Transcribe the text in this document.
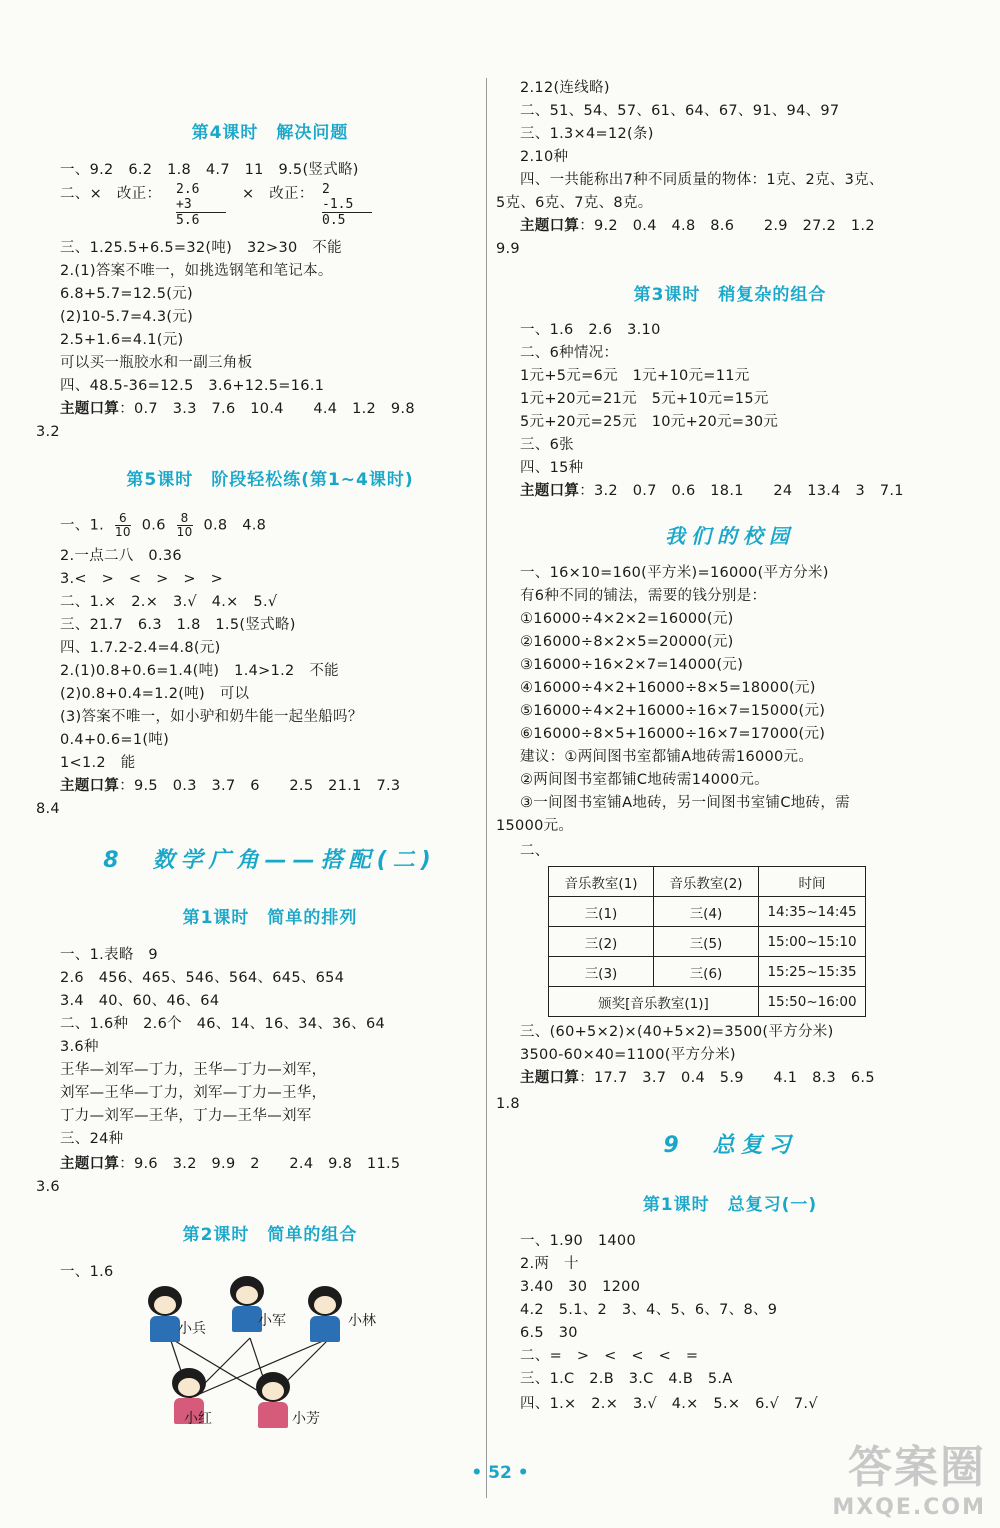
第4课时　解决问题
一、9.2　6.2　1.8　4.7　11　9.5(竖式略)
二、×　改正： 2.6
+3
5.6
×　改正： 2
-1.5
0.5
三、1.25.5+6.5=32(吨)　32>30　不能
2.(1)答案不唯一，如挑选钢笔和笔记本。
6.8+5.7=12.5(元)
(2)10-5.7=4.3(元)
2.5+1.6=4.1(元)
可以买一瓶胶水和一副三角板
四、48.5-36=12.5　3.6+12.5=16.1
主题口算：0.7　3.3　7.6　10.4　　4.4　1.2　9.8
3.2
第5课时　阶段轻松练(第1~4课时)
一、1. $\frac{6}{10} 0.6 \frac{8}{10} 0.8$　4.8
2.一点二八　0.36
3.<　>　<　>　>　>
二、1.×　2.×　3.√　4.×　5.√
三、21.7　6.3　1.8　1.5(竖式略)
四、1.7.2-2.4=4.8(元)
2.(1)0.8+0.6=1.4(吨)　1.4>1.2　不能
(2)0.8+0.4=1.2(吨)　可以
(3)答案不唯一，如小驴和奶牛能一起坐船吗？
0.4+0.6=1(吨)
1<1.2　能
主题口算：9.5　0.3　3.7　6　　2.5　21.1　7.3
8.4
8　数学广角——搭配(二)
第1课时　简单的排列
一、1.表略　9
2.6　456、465、546、564、645、654
3.4　40、60、46、64
二、1.6种　2.6个　46、14、16、34、36、64
3.6种
王华—刘军—丁力，王华—丁力—刘军，
刘军—王华—丁力，刘军—丁力—王华，
丁力—刘军—王华，丁力—王华—刘军
三、24种
主题口算：9.6　3.2　9.9　2　　2.4　9.8　11.5
3.6
第2课时　简单的组合
一、1.6
小兵	小军	小林
小红	小芳
2.12(连线略)
二、51、54、57、61、64、67、91、94、97
三、1.3×4=12(条)
2.10种
四、一共能称出7种不同质量的物体：1克、2克、3克、
5克、6克、7克、8克。
主题口算：9.2　0.4　4.8　8.6　　2.9　27.2　1.2
9.9
第3课时　稍复杂的组合
一、1.6　2.6　3.10
二、6种情况：
1元+5元=6元　1元+10元=11元
1元+20元=21元　5元+10元=15元
5元+20元=25元　10元+20元=30元
三、6张
四、15种
主题口算：3.2　0.7　0.6　18.1　　24　13.4　3　7.1
我们的校园
一、16×10=160(平方米)=16000(平方分米)
有6种不同的铺法，需要的钱分别是：
①16000÷4×2×2=16000(元)
②16000÷8×2×5=20000(元)
③16000÷16×2×7=14000(元)
④16000÷4×2+16000÷8×5=18000(元)
⑤16000÷4×2+16000÷16×7=15000(元)
⑥16000÷8×5+16000÷16×7=17000(元)
建议：①两间图书室都铺A地砖需16000元。
②两间图书室都铺C地砖需14000元。
③一间图书室铺A地砖，另一间图书室铺C地砖，需
15000元。
二、
音乐教室(1)	音乐教室(2)	时间
三(1)	三(4)	14:35~14:45
三(2)	三(5)	15:00~15:10
三(3)	三(6)	15:25~15:35
颁奖[音乐教室(1)]		15:50~16:00
三、(60+5×2)×(40+5×2)=3500(平方分米)
3500-60×40=1100(平方分米)
主题口算：17.7　3.7　0.4　5.9　　4.1　8.3　6.5
1.8
9　总复习
第1课时　总复习(一)
一、1.90　1400
2.两　十
3.40　30　1200
4.2　5.1、2　3、4、5、6、7、8、9
6.5　30
二、=　>　<　<　<　=
三、1.C　2.B　3.C　4.B　5.A
四、1.×　2.×　3.√　4.×　5.×　6.√　7.√
• 52 •	答案圈
MXQE.COM
